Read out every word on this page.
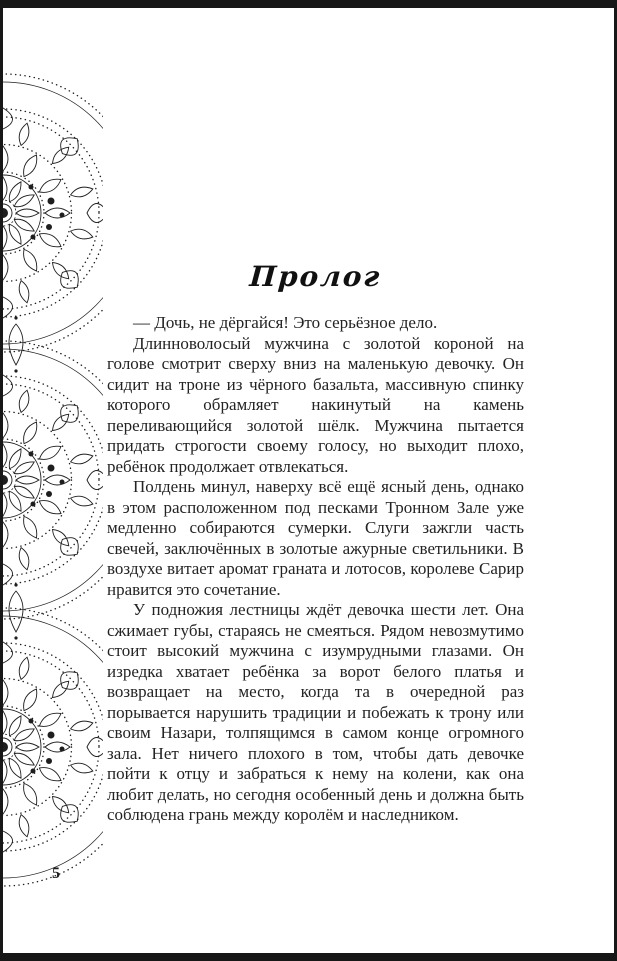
Пролог

— Дочь, не дёргайся! Это серьёзное дело.

Длинноволосый мужчина с золотой короной на голове смотрит сверху вниз на маленькую девочку. Он сидит на троне из чёрного базальта, массивную спинку которого обрамляет накинутый на камень переливающийся золотой шёлк. Мужчина пытается придать строгости своему голосу, но выходит плохо, ребёнок продолжает отвлекаться.

Полдень минул, наверху всё ещё ясный день, однако в этом расположенном под песками Тронном Зале уже медленно собираются сумерки. Слуги зажгли часть свечей, заключённых в золотые ажурные светильники. В воздухе витает аромат граната и лотосов, королеве Сарир нравится это сочетание.

У подножия лестницы ждёт девочка шести лет. Она сжимает губы, стараясь не смеяться. Рядом невозмутимо стоит высокий мужчина с изумрудными глазами. Он изредка хватает ребёнка за ворот белого платья и возвращает на место, когда та в очередной раз порывается нарушить традиции и побежать к трону или своим Назари, толпящимся в самом конце огромного зала. Нет ничего плохого в том, чтобы дать девочке пойти к отцу и забраться к нему на колени, как она любит делать, но сегодня особенный день и должна быть соблюдена грань между королём и наследником.

5
